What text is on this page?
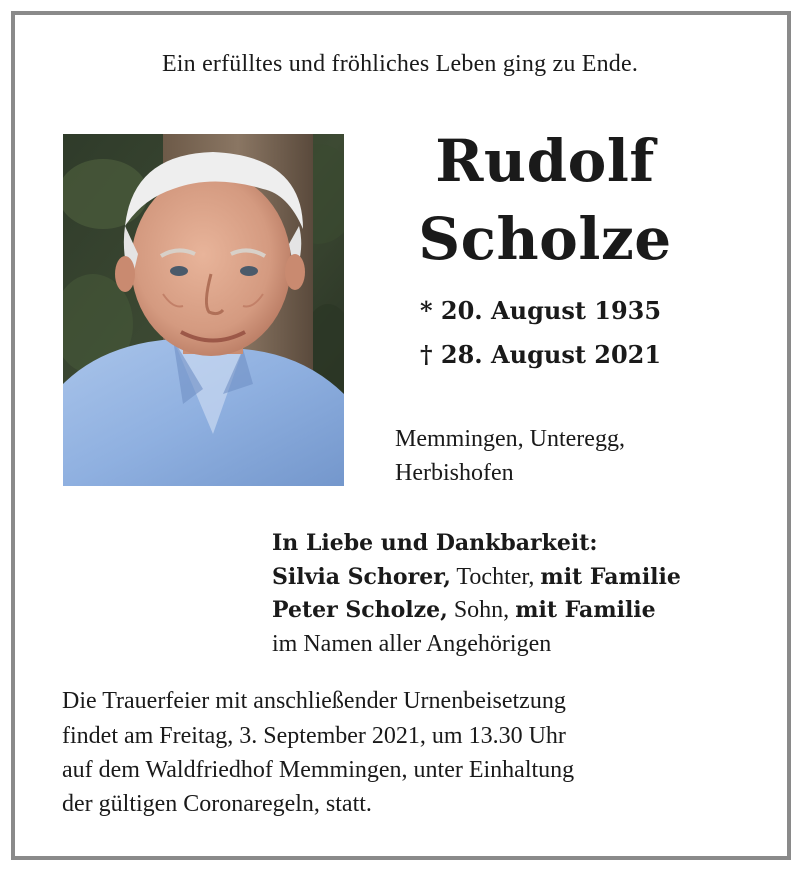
Ein erfülltes und fröhliches Leben ging zu Ende.
Rudolf
Scholze
* 20. August 1935
† 28. August 2021
Memmingen, Unteregg,
Herbishofen
In Liebe und Dankbarkeit:
Silvia Schorer, Tochter, mit Familie
Peter Scholze, Sohn, mit Familie
im Namen aller Angehörigen
Die Trauerfeier mit anschließender Urnenbeisetzung
findet am Freitag, 3. September 2021, um 13.30 Uhr
auf dem Waldfriedhof Memmingen, unter Einhaltung
der gültigen Coronaregeln, statt.
